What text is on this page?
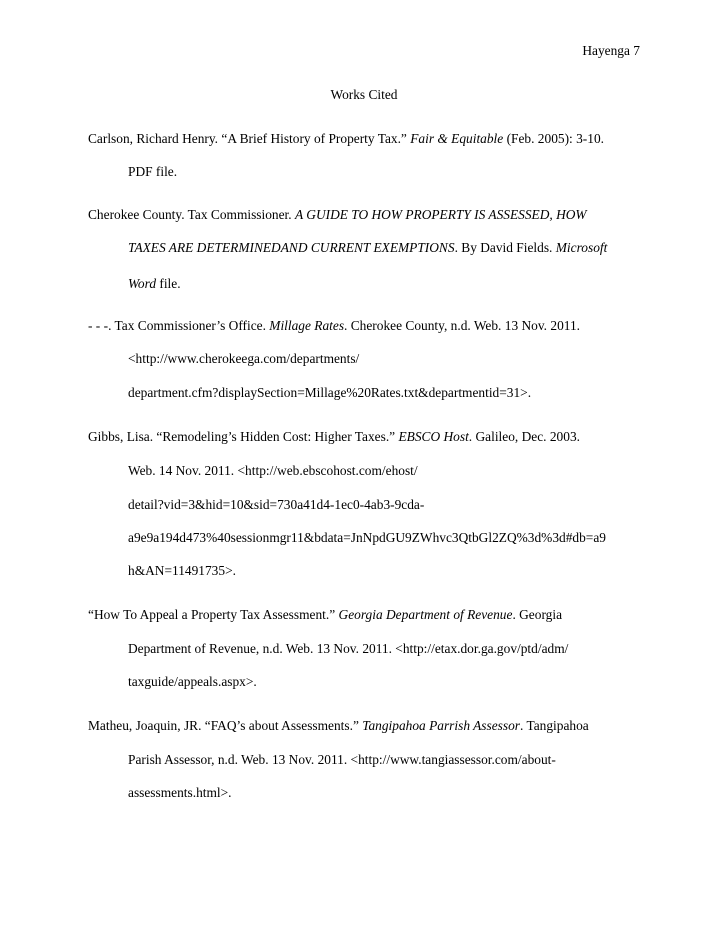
Hayenga 7
Works Cited
Carlson, Richard Henry. “A Brief History of Property Tax.” Fair & Equitable (Feb. 2005): 3-10.
PDF file.
Cherokee County. Tax Commissioner. A GUIDE TO HOW PROPERTY IS ASSESSED, HOW
TAXES ARE DETERMINEDAND CURRENT EXEMPTIONS. By David Fields. Microsoft
Word file.
- - -. Tax Commissioner’s Office. Millage Rates. Cherokee County, n.d. Web. 13 Nov. 2011.
<http://www.cherokeega.com/departments/
department.cfm?displaySection=Millage%20Rates.txt&departmentid=31>.
Gibbs, Lisa. “Remodeling’s Hidden Cost: Higher Taxes.” EBSCO Host. Galileo, Dec. 2003.
Web. 14 Nov. 2011. <http://web.ebscohost.com/ehost/
detail?vid=3&hid=10&sid=730a41d4-1ec0-4ab3-9cda-
a9e9a194d473%40sessionmgr11&bdata=JnNpdGU9ZWhvc3QtbGl2ZQ%3d%3d#db=a9
h&AN=11491735>.
“How To Appeal a Property Tax Assessment.” Georgia Department of Revenue. Georgia
Department of Revenue, n.d. Web. 13 Nov. 2011. <http://etax.dor.ga.gov/ptd/adm/
taxguide/appeals.aspx>.
Matheu, Joaquin, JR. “FAQ’s about Assessments.” Tangipahoa Parrish Assessor. Tangipahoa
Parish Assessor, n.d. Web. 13 Nov. 2011. <http://www.tangiassessor.com/about-
assessments.html>.
